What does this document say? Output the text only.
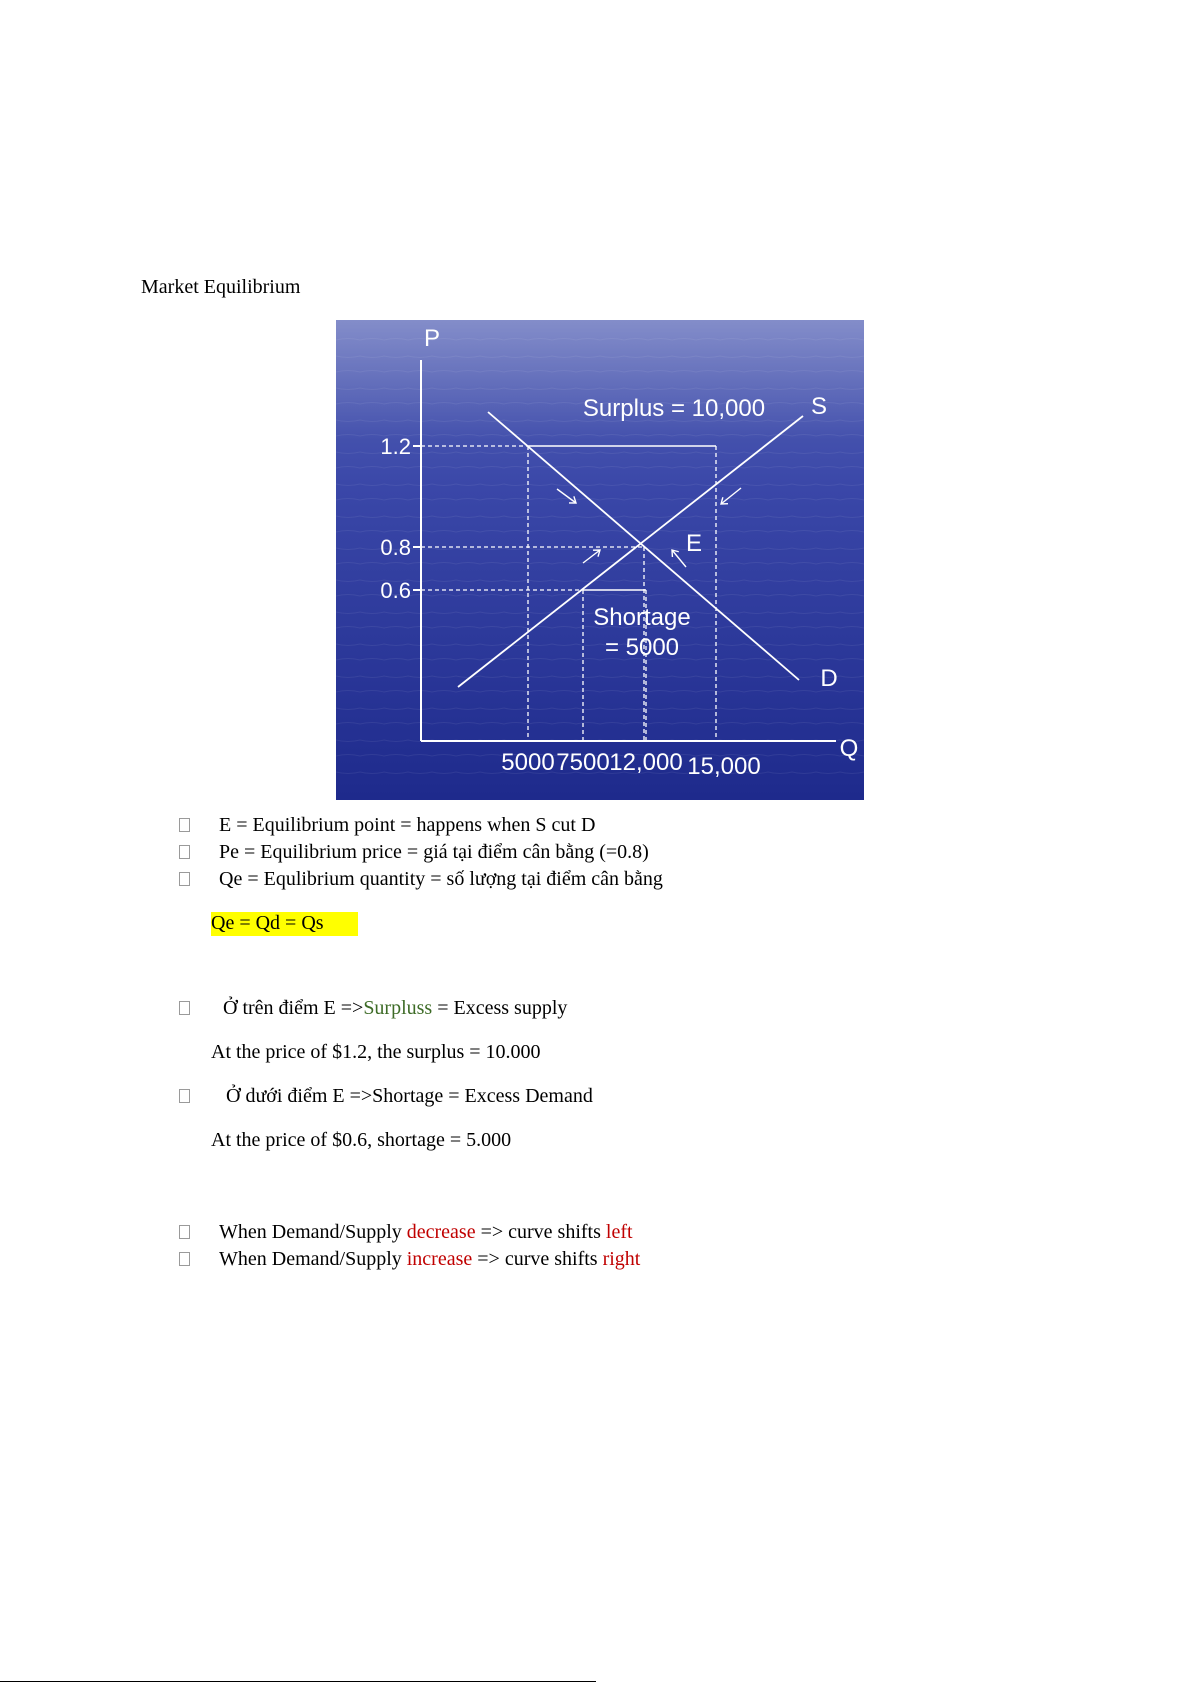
Market Equilibrium
P
Q
1.2
0.8
0.6
5000 7500 12,000 15,000
S
D
Surplus = 10,000
E
Shortage
= 5000
E = Equilibrium point = happens when S cut D
Pe = Equilibrium price = giá tại điểm cân bằng (=0.8)
Qe = Equlibrium quantity = số lượng tại điểm cân bằng
Qe = Qd = Qs
Ở trên điểm E =>Surpluss = Excess supply
At the price of $1.2, the surplus = 10.000
Ở dưới điểm E =>Shortage = Excess Demand
At the price of $0.6, shortage = 5.000
When Demand/Supply decrease => curve shifts left
When Demand/Supply increase => curve shifts right
